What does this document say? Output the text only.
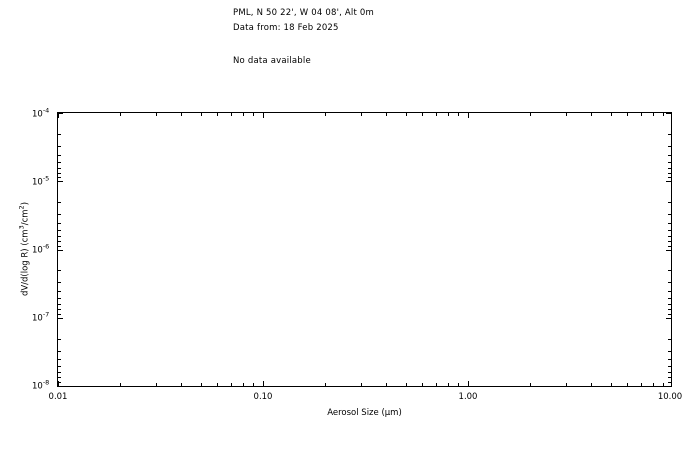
PML, N 50 22', W 04 08', Alt 0m
Data from: 18 Feb 2025
No data available
0.01	0.10	1.00	10.00
$10^{-4}$
$10^{-5}$
$10^{-6}$
$10^{-7}$
$10^{-8}$
Aerosol Size (µm)
dV/d(log R) $(cm^3/cm^2)$
